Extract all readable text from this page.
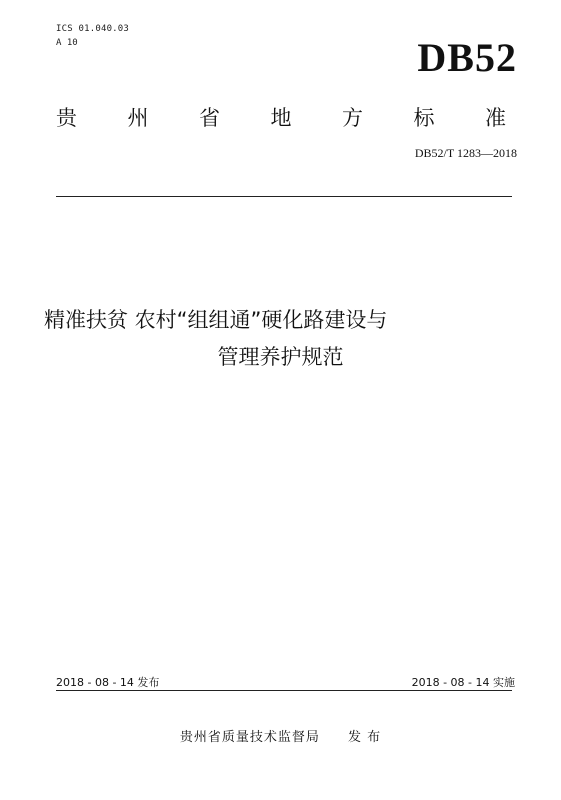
ICS 01.040.03
A 10	DB52
贵 州 省 地 方 标 准
DB52/T 1283—2018
精准扶贫 农村“组组通”硬化路建设与
管理养护规范
2018 - 08 - 14 发布	2018 - 08 - 14 实施
贵州省质量技术监督局 发 布
